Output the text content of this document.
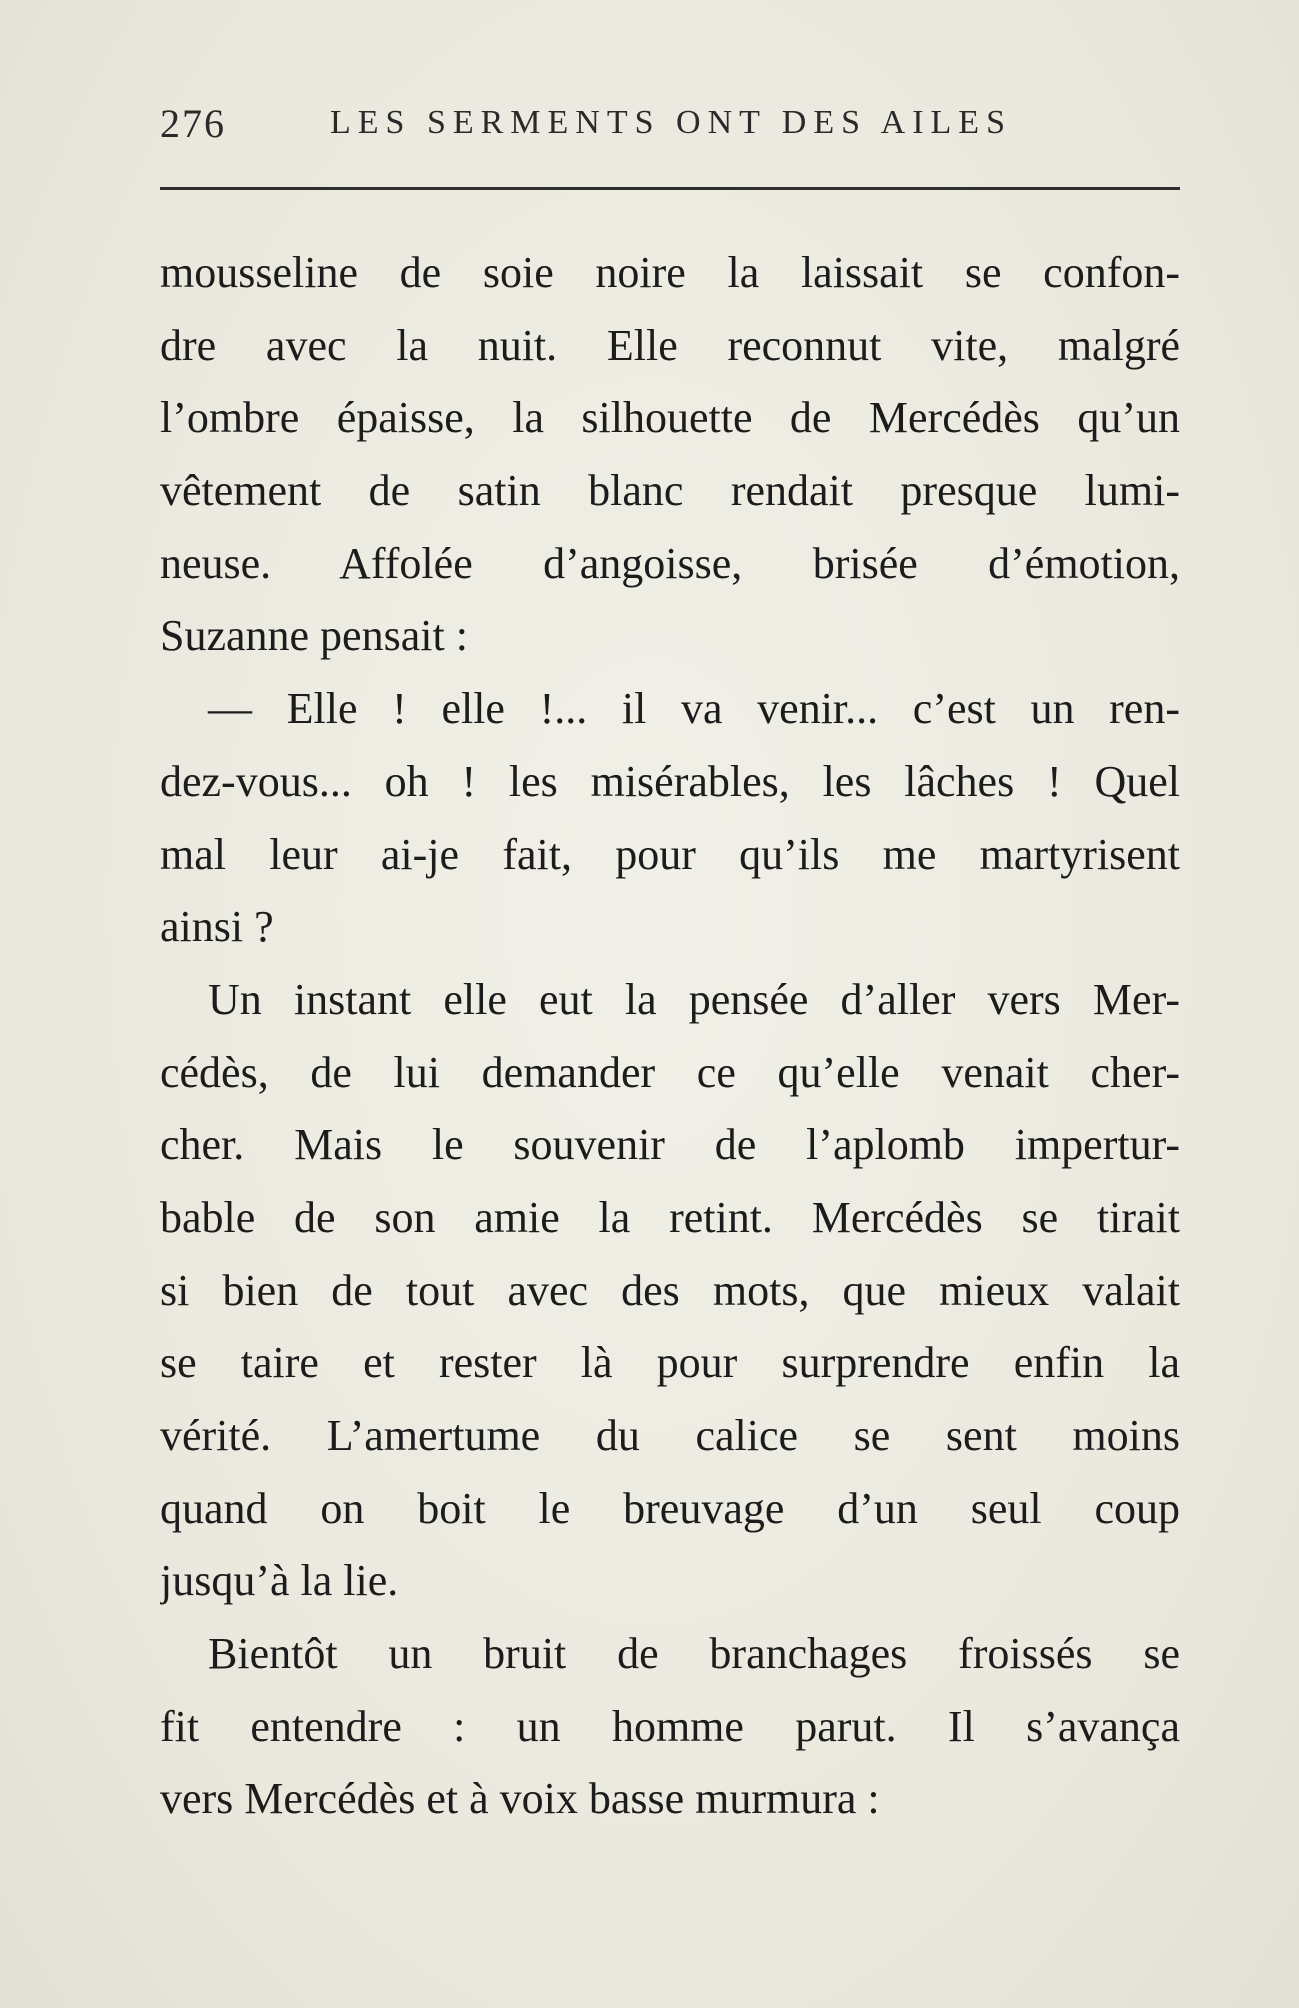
276	LES SERMENTS ONT DES AILES
mousseline de soie noire la laissait se confon-
dre avec la nuit. Elle reconnut vite, malgré
l’ombre épaisse, la silhouette de Mercédès qu’un
vêtement de satin blanc rendait presque lumi-
neuse. Affolée d’angoisse, brisée d’émotion,
Suzanne pensait :
— Elle ! elle !... il va venir... c’est un ren-
dez-vous... oh ! les misérables, les lâches ! Quel
mal leur ai-je fait, pour qu’ils me martyrisent
ainsi ?
Un instant elle eut la pensée d’aller vers Mer-
cédès, de lui demander ce qu’elle venait cher-
cher. Mais le souvenir de l’aplomb impertur-
bable de son amie la retint. Mercédès se tirait
si bien de tout avec des mots, que mieux valait
se taire et rester là pour surprendre enfin la
vérité. L’amertume du calice se sent moins
quand on boit le breuvage d’un seul coup
jusqu’à la lie.
Bientôt un bruit de branchages froissés se
fit entendre : un homme parut. Il s’avança
vers Mercédès et à voix basse murmura :
